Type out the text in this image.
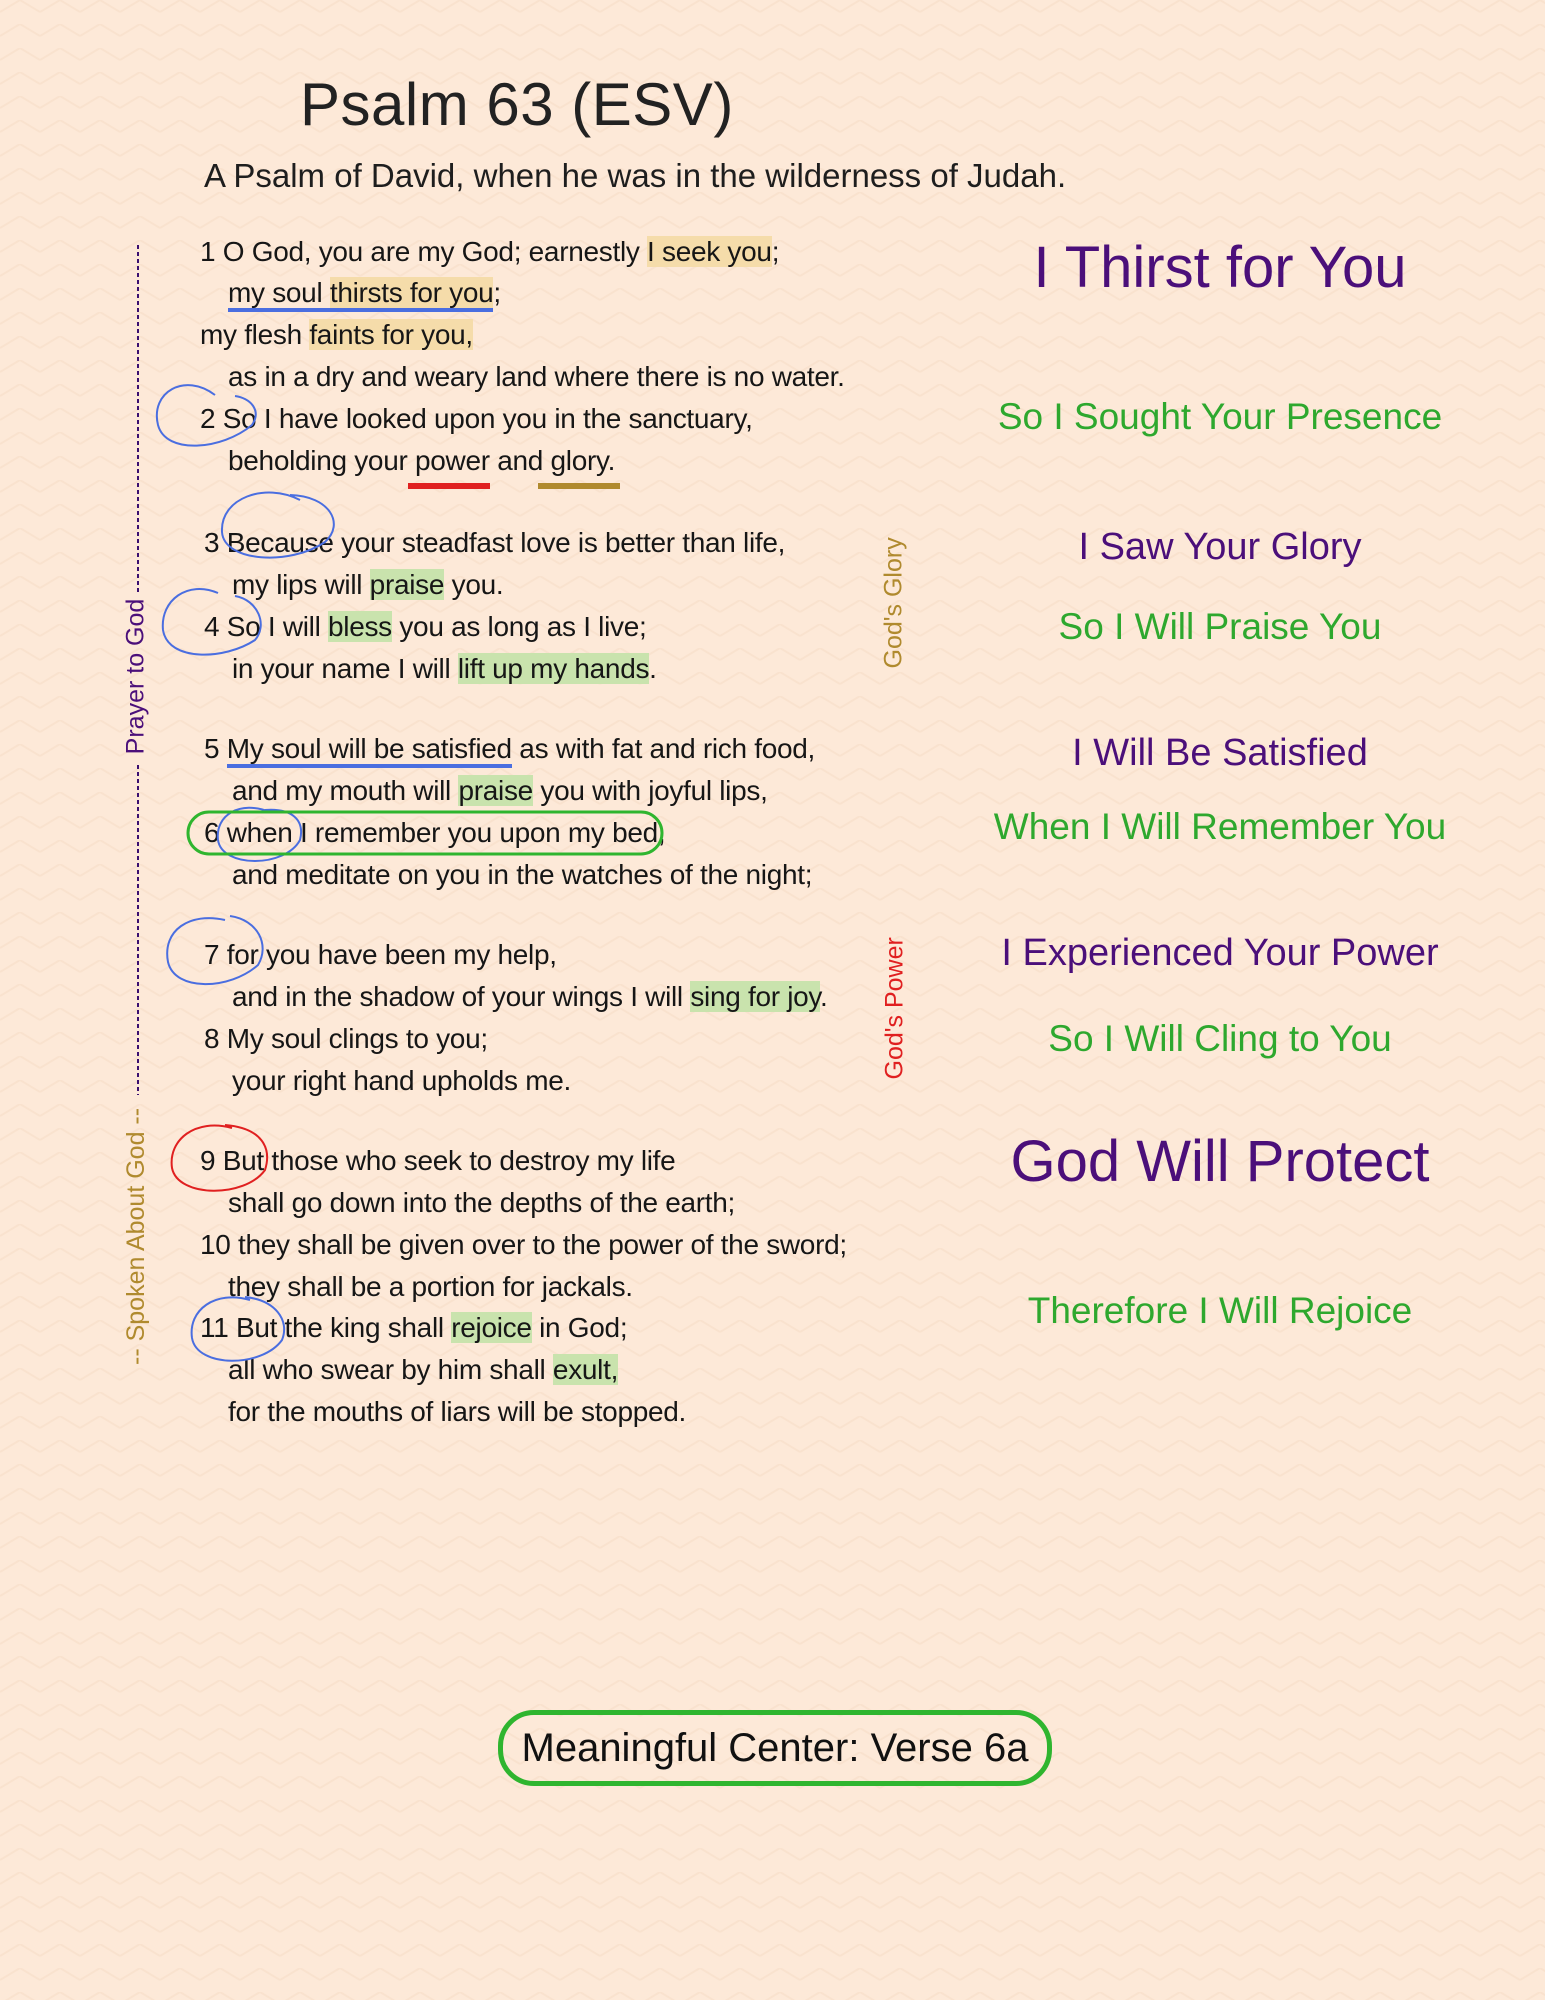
Psalm 63 (ESV)
A Psalm of David, when he was in the wilderness of Judah.
1 O God, you are my God; earnestly I seek you;
my soul thirsts for you;
my flesh faints for you,
as in a dry and weary land where there is no water.
2 So I have looked upon you in the sanctuary,
beholding your power and glory.
3 Because your steadfast love is better than life,
my lips will praise you.
4 So I will bless you as long as I live;
in your name I will lift up my hands.
5 My soul will be satisfied as with fat and rich food,
and my mouth will praise you with joyful lips,
6 when I remember you upon my bed,
and meditate on you in the watches of the night;
7 for you have been my help,
and in the shadow of your wings I will sing for joy.
8 My soul clings to you;
your right hand upholds me.
9 But those who seek to destroy my life
shall go down into the depths of the earth;
10 they shall be given over to the power of the sword;
they shall be a portion for jackals.
11 But the king shall rejoice in God;
all who swear by him shall exult,
for the mouths of liars will be stopped.
Prayer to God
-- Spoken About God --
God's Glory
God's Power
I Thirst for You
So I Sought Your Presence
I Saw Your Glory
So I Will Praise You
I Will Be Satisfied
When I Will Remember You
I Experienced Your Power
So I Will Cling to You
God Will Protect
Therefore I Will Rejoice
Meaningful Center: Verse 6a
